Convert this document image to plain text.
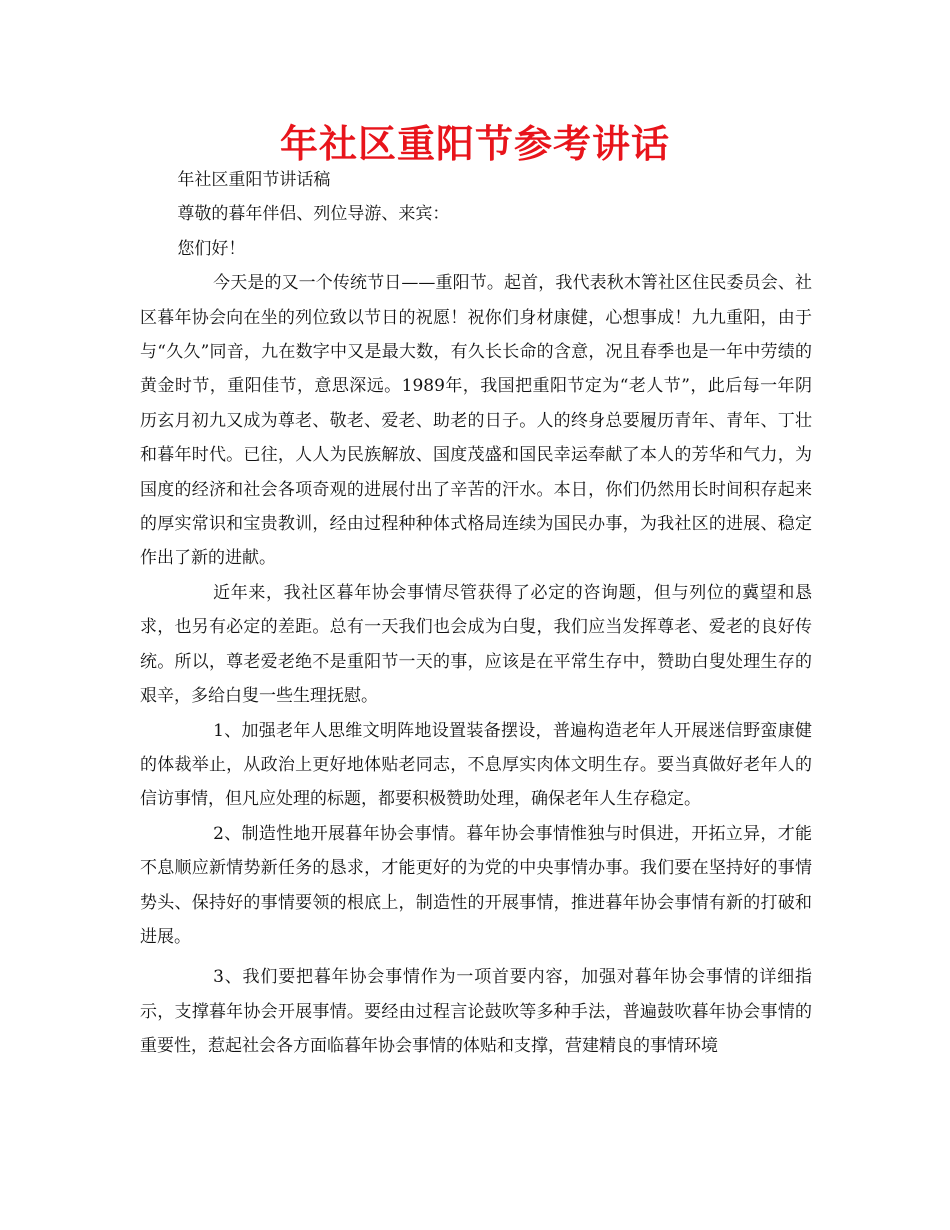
年社区重阳节参考讲话

年社区重阳节讲话稿

尊敬的暮年伴侣、列位导游、来宾：

您们好！

今天是的又一个传统节日——重阳节。起首，我代表秋木箐社区住民委员会、社区暮年协会向在坐的列位致以节日的祝愿！祝你们身材康健，心想事成！九九重阳，由于与“久久”同音，九在数字中又是最大数，有久长长命的含意，况且春季也是一年中劳绩的黄金时节，重阳佳节，意思深远。1989年，我国把重阳节定为“老人节”，此后每一年阴历玄月初九又成为尊老、敬老、爱老、助老的日子。人的终身总要履历青年、青年、丁壮和暮年时代。已往，人人为民族解放、国度茂盛和国民幸运奉献了本人的芳华和气力，为国度的经济和社会各项奇观的进展付出了辛苦的汗水。本日，你们仍然用长时间积存起来的厚实常识和宝贵教训，经由过程种种体式格局连续为国民办事，为我社区的进展、稳定作出了新的进献。

近年来，我社区暮年协会事情尽管获得了必定的咨询题，但与列位的冀望和恳求，也另有必定的差距。总有一天我们也会成为白叟，我们应当发挥尊老、爱老的良好传统。所以，尊老爱老绝不是重阳节一天的事，应该是在平常生存中，赞助白叟处理生存的艰辛，多给白叟一些生理抚慰。

1、加强老年人思维文明阵地设置装备摆设，普遍构造老年人开展迷信野蛮康健的体裁举止，从政治上更好地体贴老同志，不息厚实肉体文明生存。要当真做好老年人的信访事情，但凡应处理的标题，都要积极赞助处理，确保老年人生存稳定。

2、制造性地开展暮年协会事情。暮年协会事情惟独与时俱进，开拓立异，才能不息顺应新情势新任务的恳求，才能更好的为党的中央事情办事。我们要在坚持好的事情势头、保持好的事情要领的根底上，制造性的开展事情，推进暮年协会事情有新的打破和进展。

3、我们要把暮年协会事情作为一项首要内容，加强对暮年协会事情的详细指示，支撑暮年协会开展事情。要经由过程言论鼓吹等多种手法，普遍鼓吹暮年协会事情的重要性，惹起社会各方面临暮年协会事情的体贴和支撑，营建精良的事情环境
